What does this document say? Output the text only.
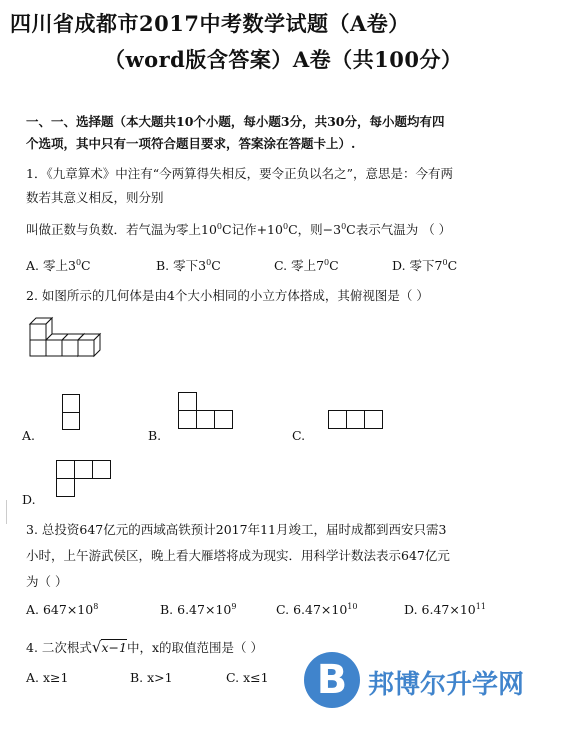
四川省成都市2017中考数学试题（A卷）
（word版含答案）A卷（共100分）
一、一、选择题（本大题共10个小题，每小题3分，共30分，每小题均有四
个选项，其中只有一项符合题目要求，答案涂在答题卡上）.
1．《九章算术》中注有“今两算得失相反，要令正负以名之”，意思是：今有两
数若其意义相反，则分别
叫做正数与负数．若气温为零上$10^0C$记作$+10^0C$，则$-3^0C$表示气温为 （ ）
A. 零上$3^0C$	B. 零下$3^0C$	C. 零上$7^0C$	D. 零下$7^0C$
2. 如图所示的几何体是由4个大小相同的小立方体搭成，其俯视图是（ ）
A.	B.	C.
D.
3. 总投资647亿元的西域高铁预计2017年11月竣工，届时成都到西安只需3
小时，上午游武侯区，晚上看大雁塔将成为现实．用科学计数法表示647亿元
为（ ）
A. $647\times 10^8$	B. $6.47\times 10^9$	C. $6.47\times 10^{10}$	D. $6.47\times 10^{11}$
4. 二次根式√x−1中，x的取值范围是（ ）
A. x≥1	B. x>1	C. x≤1	B 邦博尔升学网
